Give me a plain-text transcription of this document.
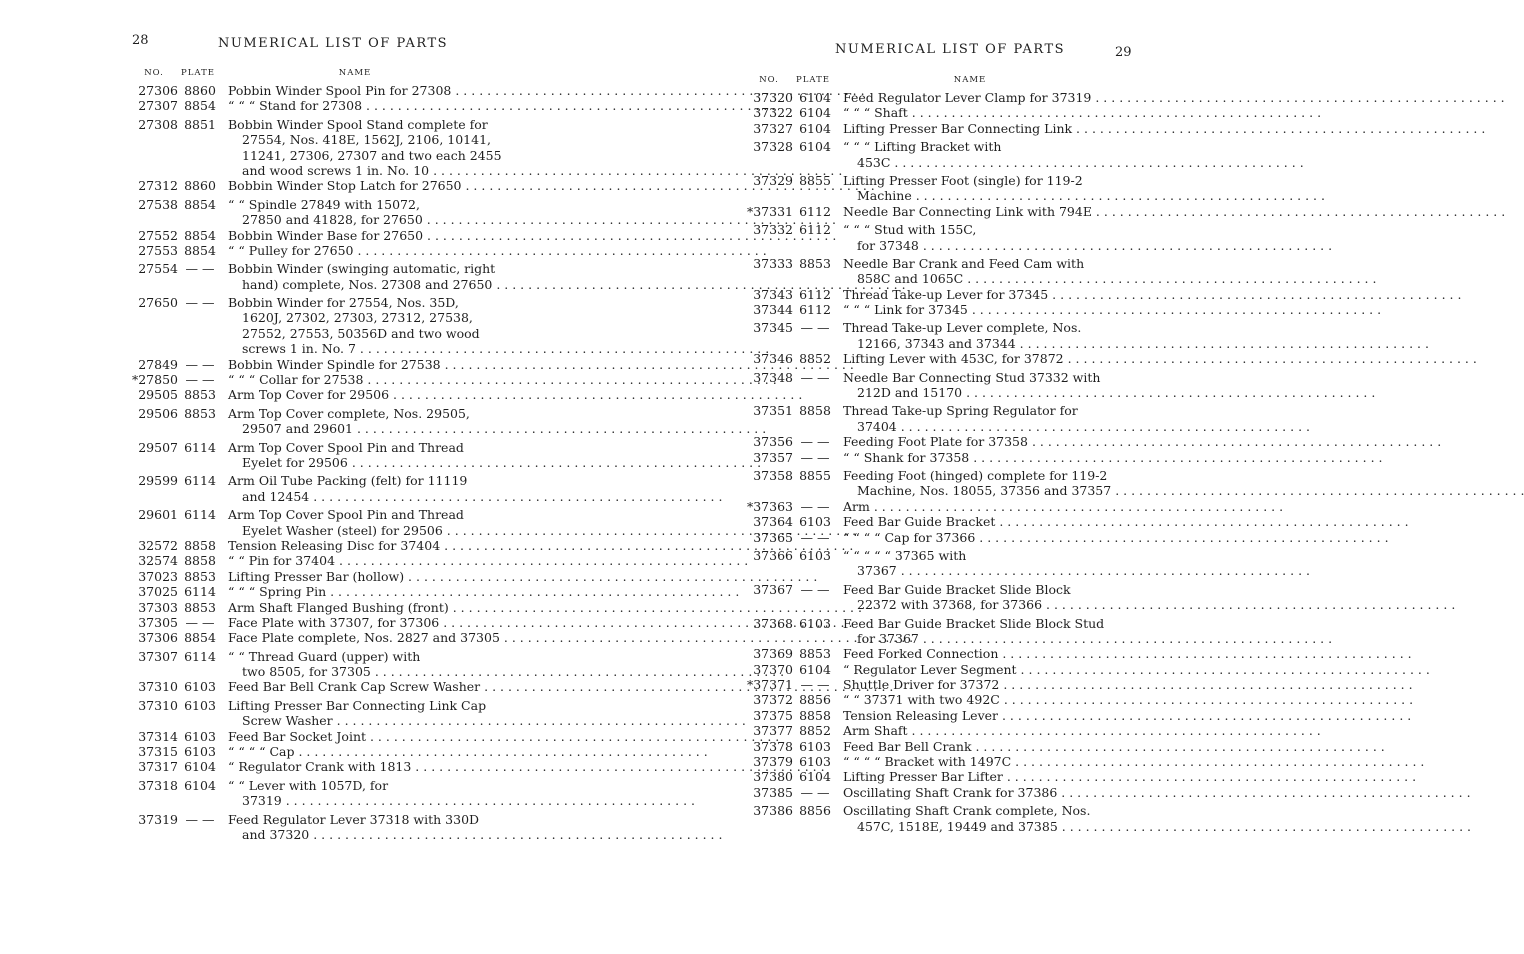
28	NUMERICAL LIST OF PARTS
NO.	PLATE	NAME
27306 8860 Pobbin Winder Spool Pin for 27308 . . .
27307 8854 “ “ “ Stand for 27308 . . .
27308 8851 Bobbin Winder Spool Stand complete for
27554, Nos. 418E, 1562J, 2106, 10141,
11241, 27306, 27307 and two each 2455
and wood screws 1 in. No. 10 . . .
27312 8860 Bobbin Winder Stop Latch for 27650 . . .
27538 8854 “ “ Spindle 27849 with 15072,
27850 and 41828, for 27650 . . .
27552 8854 Bobbin Winder Base for 27650 . . .
27553 8854 “ “ Pulley for 27650 . . .
27554 — — Bobbin Winder (swinging automatic, right
hand) complete, Nos. 27308 and 27650 . . .
27650 — — Bobbin Winder for 27554, Nos. 35D,
1620J, 27302, 27303, 27312, 27538,
27552, 27553, 50356D and two wood
screws 1 in. No. 7 . . .
27849 — — Bobbin Winder Spindle for 27538 . . .
*27850 — — “ “ “ Collar for 27538 . . .
29505 8853 Arm Top Cover for 29506 . . .
29506 8853 Arm Top Cover complete, Nos. 29505,
29507 and 29601 . . .
29507 6114 Arm Top Cover Spool Pin and Thread
Eyelet for 29506 . . .
29599 6114 Arm Oil Tube Packing (felt) for 11119
and 12454 . . .
29601 6114 Arm Top Cover Spool Pin and Thread
Eyelet Washer (steel) for 29506 . . .
32572 8858 Tension Releasing Disc for 37404 . . .
32574 8858 “ “ Pin for 37404 . . .
37023 8853 Lifting Presser Bar (hollow) . . .
37025 6114 “ “ “ Spring Pin . . .
37303 8853 Arm Shaft Flanged Bushing (front) . . .
37305 — — Face Plate with 37307, for 37306 . . .
37306 8854 Face Plate complete, Nos. 2827 and 37305 . . .
37307 6114 “ “ Thread Guard (upper) with
two 8505, for 37305 . . .
37310 6103 Feed Bar Bell Crank Cap Screw Washer . . .
37310 6103 Lifting Presser Bar Connecting Link Cap
Screw Washer . . .
37314 6103 Feed Bar Socket Joint . . .
37315 6103 “ “ “ “ Cap . . .
37317 6104 “ Regulator Crank with 1813 . . .
37318 6104 “ “ Lever with 1057D, for
37319 . . .
37319 — — Feed Regulator Lever 37318 with 330D
and 37320 . . .
NUMERICAL LIST OF PARTS	29
NO.	PLATE	NAME
37320 6104 Feed Regulator Lever Clamp for 37319 . . .
37322 6104 “ “ “ Shaft . . .
37327 6104 Lifting Presser Bar Connecting Link . . .
37328 6104 “ “ “ Lifting Bracket with
453C . . .
37329 8855 Lifting Presser Foot (single) for 119-2
Machine . . .
*37331 6112 Needle Bar Connecting Link with 794E . . .
37332 6112 “ “ “ Stud with 155C,
for 37348 . . .
37333 8853 Needle Bar Crank and Feed Cam with
858C and 1065C . . .
37343 6112 Thread Take-up Lever for 37345 . . .
37344 6112 “ “ “ Link for 37345 . . .
37345 — — Thread Take-up Lever complete, Nos.
12166, 37343 and 37344 . . .
37346 8852 Lifting Lever with 453C, for 37872 . . .
37348 — — Needle Bar Connecting Stud 37332 with
212D and 15170 . . .
37351 8858 Thread Take-up Spring Regulator for
37404 . . .
37356 — — Feeding Foot Plate for 37358 . . .
37357 — — “ “ Shank for 37358 . . .
37358 8855 Feeding Foot (hinged) complete for 119-2
Machine, Nos. 18055, 37356 and 37357 . . .
*37363 — — Arm . . .
37364 6103 Feed Bar Guide Bracket . . .
37365 — — “ “ “ “ Cap for 37366 . . .
37366 6103 “ “ “ “ “ 37365 with
37367 . . .
37367 — — Feed Bar Guide Bracket Slide Block
22372 with 37368, for 37366 . . .
37368 6103 Feed Bar Guide Bracket Slide Block Stud
for 37367 . . .
37369 8853 Feed Forked Connection . . .
37370 6104 “ Regulator Lever Segment . . .
*37371 — — Shuttle Driver for 37372 . . .
37372 8856 “ “ 37371 with two 492C . . .
37375 8858 Tension Releasing Lever . . .
37377 8852 Arm Shaft . . .
37378 6103 Feed Bar Bell Crank . . .
37379 6103 “ “ “ “ Bracket with 1497C . . .
37380 6104 Lifting Presser Bar Lifter . . .
37385 — — Oscillating Shaft Crank for 37386 . . .
37386 8856 Oscillating Shaft Crank complete, Nos.
457C, 1518E, 19449 and 37385 . . .
